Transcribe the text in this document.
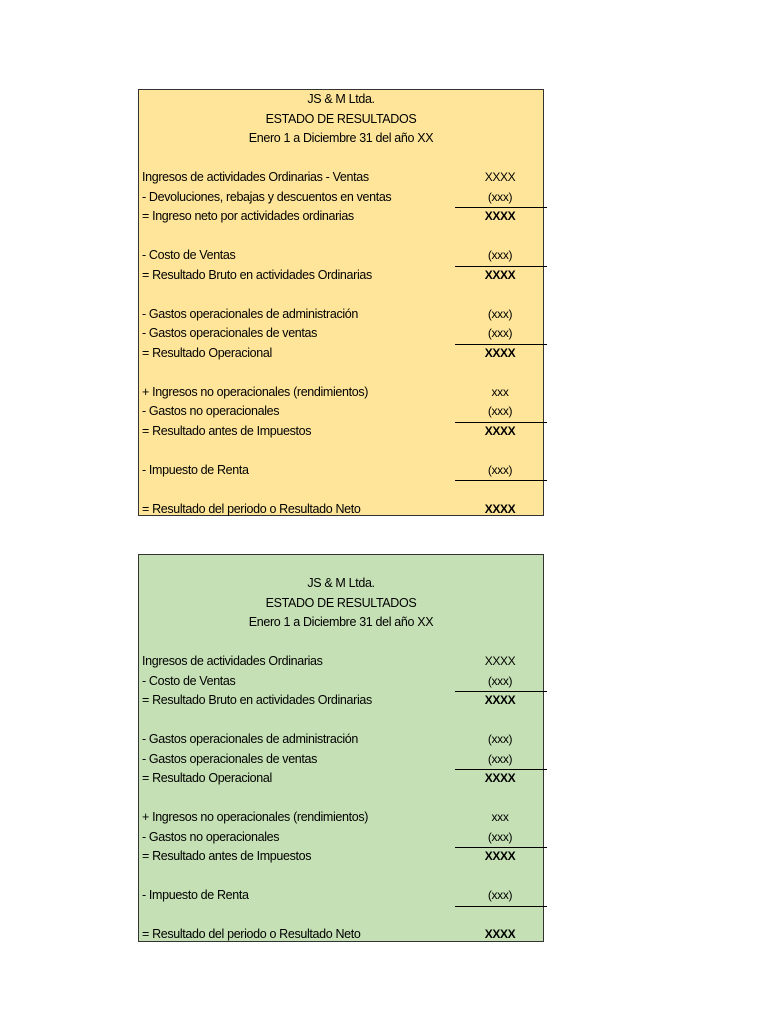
JS & M Ltda.
ESTADO DE RESULTADOS
Enero 1 a Diciembre 31 del año XX
Ingresos de actividades Ordinarias - Ventas	XXXX
- Devoluciones, rebajas y descuentos en ventas	(xxx)
= Ingreso neto por actividades ordinarias	XXXX
- Costo de Ventas	(xxx)
= Resultado Bruto en actividades Ordinarias	XXXX
- Gastos operacionales de administración	(xxx)
- Gastos operacionales de ventas	(xxx)
= Resultado Operacional	XXXX
+ Ingresos no operacionales (rendimientos)	xxx
- Gastos no operacionales	(xxx)
= Resultado antes de Impuestos	XXXX
- Impuesto de Renta	(xxx)
= Resultado del periodo o Resultado Neto	XXXX
JS & M Ltda.
ESTADO DE RESULTADOS
Enero 1 a Diciembre 31 del año XX
Ingresos de actividades Ordinarias	XXXX
- Costo de Ventas	(xxx)
= Resultado Bruto en actividades Ordinarias	XXXX
- Gastos operacionales de administración	(xxx)
- Gastos operacionales de ventas	(xxx)
= Resultado Operacional	XXXX
+ Ingresos no operacionales (rendimientos)	xxx
- Gastos no operacionales	(xxx)
= Resultado antes de Impuestos	XXXX
- Impuesto de Renta	(xxx)
= Resultado del periodo o Resultado Neto	XXXX
